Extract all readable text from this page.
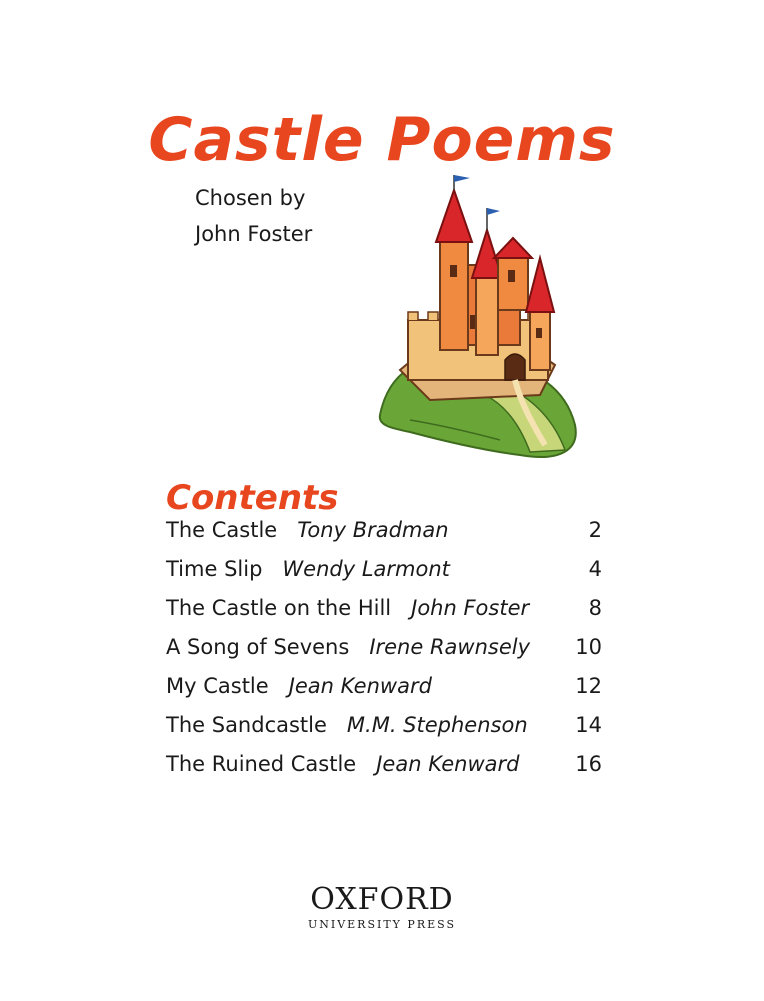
Castle Poems
Chosen by
John Foster
Contents
The Castle Tony Bradman	2
Time Slip Wendy Larmont	4
The Castle on the Hill John Foster	8
A Song of Sevens Irene Rawnsely 10
My Castle Jean Kenward	12
The Sandcastle M.M. Stephenson 14
The Ruined Castle Jean Kenward	16
OXFORD
UNIVERSITY PRESS
